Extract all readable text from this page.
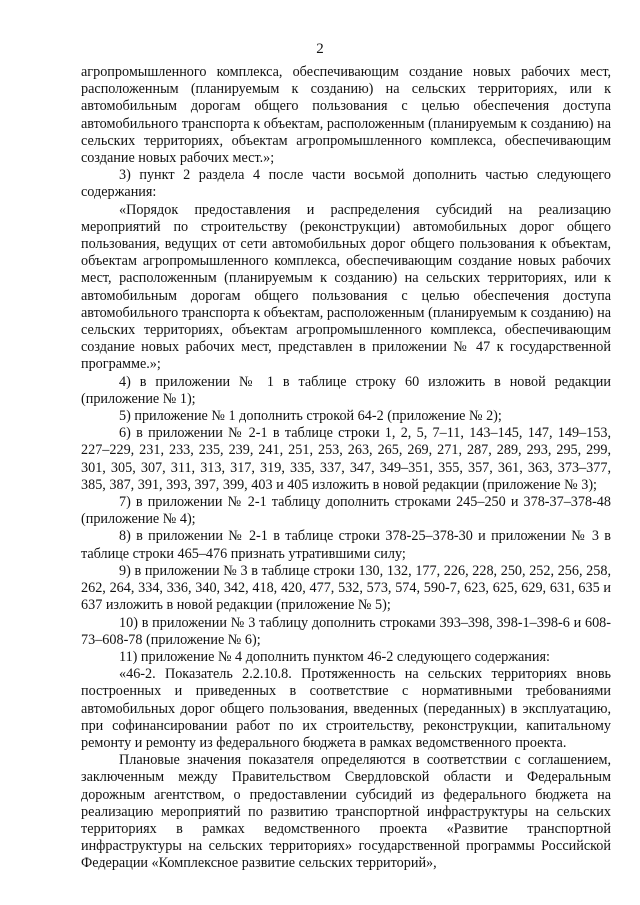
2

агропромышленного комплекса, обеспечивающим создание новых рабочих мест, расположенным (планируемым к созданию) на сельских территориях, или к автомобильным дорогам общего пользования с целью обеспечения доступа автомобильного транспорта к объектам, расположенным (планируемым к созданию) на сельских территориях, объектам агропромышленного комплекса, обеспечивающим создание новых рабочих мест.»;

3) пункт 2 раздела 4 после части восьмой дополнить частью следующего содержания:

«Порядок предоставления и распределения субсидий на реализацию мероприятий по строительству (реконструкции) автомобильных дорог общего пользования, ведущих от сети автомобильных дорог общего пользования к объектам, объектам агропромышленного комплекса, обеспечивающим создание новых рабочих мест, расположенным (планируемым к созданию) на сельских территориях, или к автомобильным дорогам общего пользования с целью обеспечения доступа автомобильного транспорта к объектам, расположенным (планируемым к созданию) на сельских территориях, объектам агропромышленного комплекса, обеспечивающим создание новых рабочих мест, представлен в приложении № 47 к государственной программе.»;

4) в приложении № 1 в таблице строку 60 изложить в новой редакции (приложение № 1);

5) приложение № 1 дополнить строкой 64-2 (приложение № 2);

6) в приложении № 2-1 в таблице строки 1, 2, 5, 7–11, 143–145, 147, 149–153, 227–229, 231, 233, 235, 239, 241, 251, 253, 263, 265, 269, 271, 287, 289, 293, 295, 299, 301, 305, 307, 311, 313, 317, 319, 335, 337, 347, 349–351, 355, 357, 361, 363, 373–377, 385, 387, 391, 393, 397, 399, 403 и 405 изложить в новой редакции (приложение № 3);

7) в приложении № 2-1 таблицу дополнить строками 245–250 и 378-37–378-48 (приложение № 4);

8) в приложении № 2-1 в таблице строки 378-25–378-30 и приложении № 3 в таблице строки 465–476 признать утратившими силу;

9) в приложении № 3 в таблице строки 130, 132, 177, 226, 228, 250, 252, 256, 258, 262, 264, 334, 336, 340, 342, 418, 420, 477, 532, 573, 574, 590-7, 623, 625, 629, 631, 635 и 637 изложить в новой редакции (приложение № 5);

10) в приложении № 3 таблицу дополнить строками 393–398, 398-1–398-6 и 608-73–608-78 (приложение № 6);

11) приложение № 4 дополнить пунктом 46-2 следующего содержания:

«46-2. Показатель 2.2.10.8. Протяженность на сельских территориях вновь построенных и приведенных в соответствие с нормативными требованиями автомобильных дорог общего пользования, введенных (переданных) в эксплуатацию, при софинансировании работ по их строительству, реконструкции, капитальному ремонту и ремонту из федерального бюджета в рамках ведомственного проекта.

Плановые значения показателя определяются в соответствии с соглашением, заключенным между Правительством Свердловской области и Федеральным дорожным агентством, о предоставлении субсидий из федерального бюджета на реализацию мероприятий по развитию транспортной инфраструктуры на сельских территориях в рамках ведомственного проекта «Развитие транспортной инфраструктуры на сельских территориях» государственной программы Российской Федерации «Комплексное развитие сельских территорий»,
